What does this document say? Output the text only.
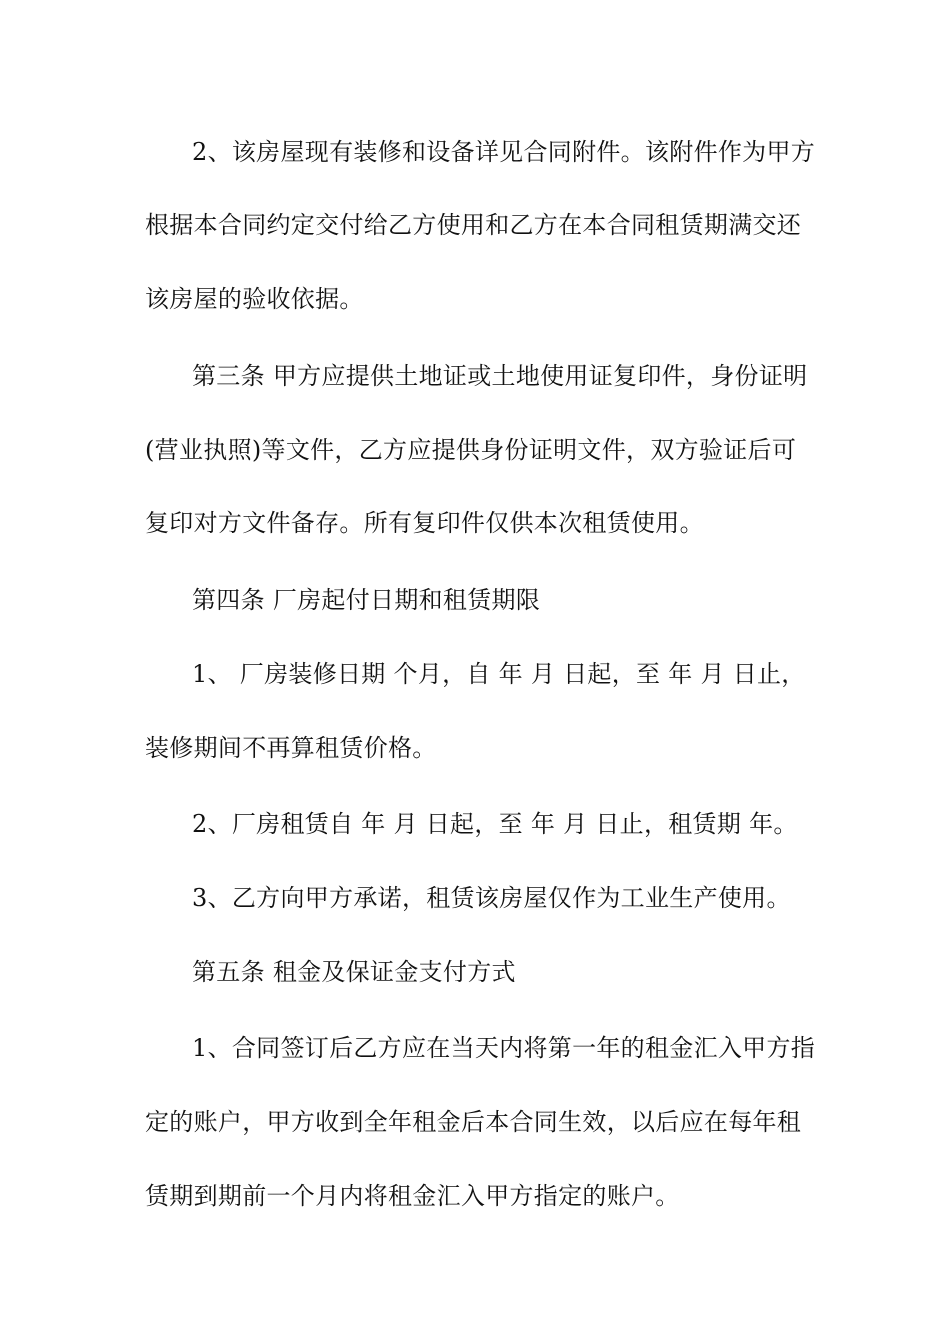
2、该房屋现有装修和设备详见合同附件。该附件作为甲方
根据本合同约定交付给乙方使用和乙方在本合同租赁期满交还
该房屋的验收依据。
第三条 甲方应提供土地证或土地使用证复印件，身份证明
(营业执照)等文件，乙方应提供身份证明文件，双方验证后可
复印对方文件备存。所有复印件仅供本次租赁使用。
第四条 厂房起付日期和租赁期限
1、 厂房装修日期 个月，自 年 月 日起，至 年 月 日止，
装修期间不再算租赁价格。
2、厂房租赁自 年 月 日起，至 年 月 日止，租赁期 年。
3、乙方向甲方承诺，租赁该房屋仅作为工业生产使用。
第五条 租金及保证金支付方式
1、合同签订后乙方应在当天内将第一年的租金汇入甲方指
定的账户，甲方收到全年租金后本合同生效，以后应在每年租
赁期到期前一个月内将租金汇入甲方指定的账户。
